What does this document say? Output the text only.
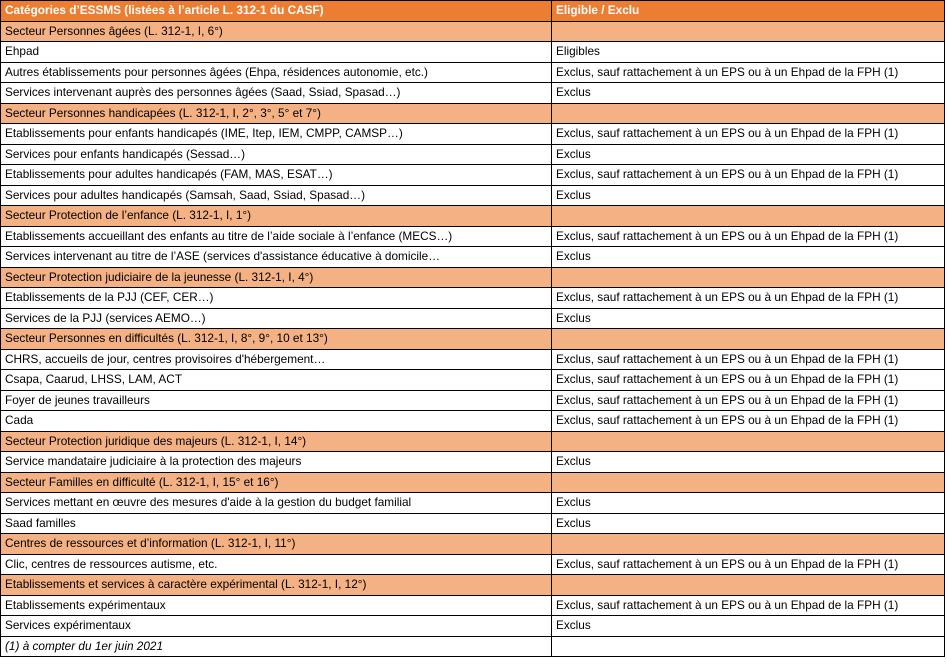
Catégories d’ESSMS (listées à l’article L. 312-1 du CASF)	Eligible / Exclu
Secteur Personnes âgées (L. 312-1, I, 6°)	
Ehpad	Eligibles
Autres établissements pour personnes âgées (Ehpa, résidences autonomie, etc.)	Exclus, sauf rattachement à un EPS ou à un Ehpad de la FPH (1)
Services intervenant auprès des personnes âgées (Saad, Ssiad, Spasad…)	Exclus
Secteur Personnes handicapées (L. 312-1, I, 2°, 3°, 5° et 7°)	
Etablissements pour enfants handicapés (IME, Itep, IEM, CMPP, CAMSP…)	Exclus, sauf rattachement à un EPS ou à un Ehpad de la FPH (1)
Services pour enfants handicapés (Sessad…)	Exclus
Etablissements pour adultes handicapés (FAM, MAS, ESAT…)	Exclus, sauf rattachement à un EPS ou à un Ehpad de la FPH (1)
Services pour adultes handicapés (Samsah, Saad, Ssiad, Spasad…)	Exclus
Secteur Protection de l’enfance (L. 312-1, I, 1°)	
Etablissements accueillant des enfants au titre de l’aide sociale à l’enfance (MECS…)	Exclus, sauf rattachement à un EPS ou à un Ehpad de la FPH (1)
Services intervenant au titre de l’ASE (services d'assistance éducative à domicile…	Exclus
Secteur Protection judiciaire de la jeunesse (L. 312-1, I, 4°)	
Etablissements de la PJJ (CEF, CER…)	Exclus, sauf rattachement à un EPS ou à un Ehpad de la FPH (1)
Services de la PJJ (services AEMO…)	Exclus
Secteur Personnes en difficultés (L. 312-1, I, 8°, 9°, 10 et 13°)	
CHRS, accueils de jour, centres provisoires d'hébergement…	Exclus, sauf rattachement à un EPS ou à un Ehpad de la FPH (1)
Csapa, Caarud, LHSS, LAM, ACT	Exclus, sauf rattachement à un EPS ou à un Ehpad de la FPH (1)
Foyer de jeunes travailleurs	Exclus, sauf rattachement à un EPS ou à un Ehpad de la FPH (1)
Cada	Exclus, sauf rattachement à un EPS ou à un Ehpad de la FPH (1)
Secteur Protection juridique des majeurs (L. 312-1, I, 14°)	
Service mandataire judiciaire à la protection des majeurs	Exclus
Secteur Familles en difficulté (L. 312-1, I, 15° et 16°)	
Services mettant en œuvre des mesures d'aide à la gestion du budget familial	Exclus
Saad familles	Exclus
Centres de ressources et d’information (L. 312-1, I, 11°)	
Clic, centres de ressources autisme, etc.	Exclus, sauf rattachement à un EPS ou à un Ehpad de la FPH (1)
Etablissements et services à caractère expérimental (L. 312-1, I, 12°)	
Etablissements expérimentaux	Exclus, sauf rattachement à un EPS ou à un Ehpad de la FPH (1)
Services expérimentaux	Exclus
(1) à compter du 1er juin 2021	
